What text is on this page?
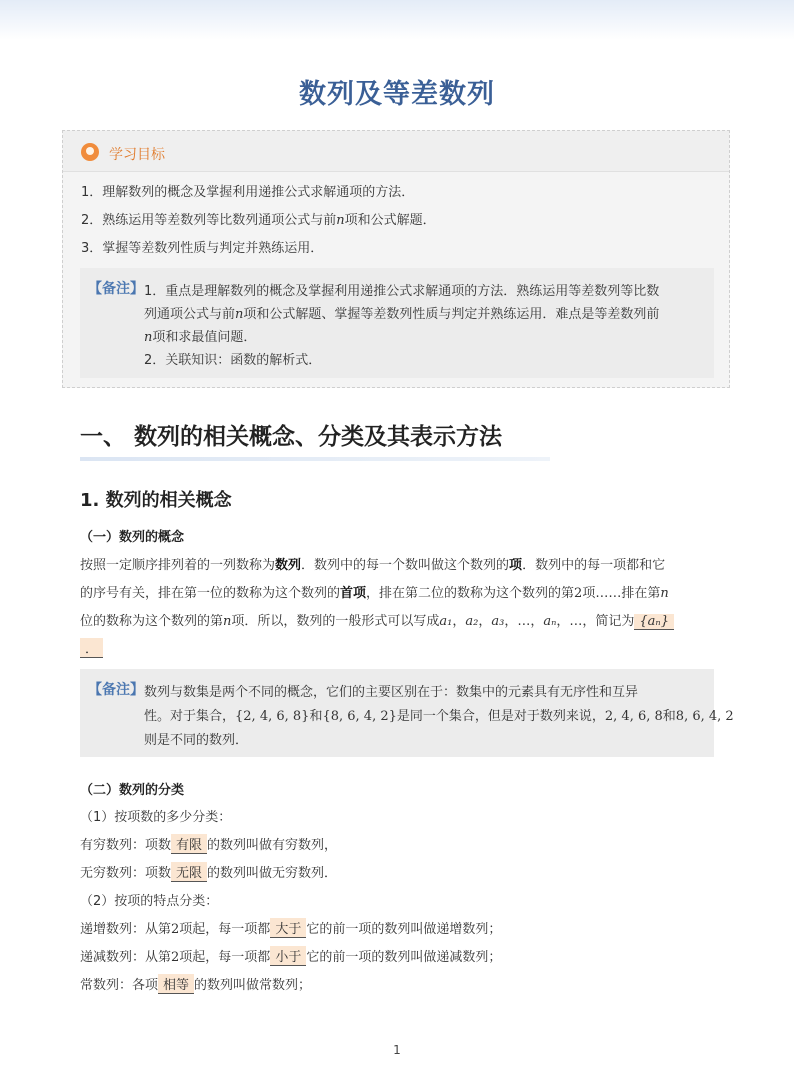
数列及等差数列
学习目标
1．理解数列的概念及掌握利用递推公式求解通项的方法．
2．熟练运用等差数列等比数列通项公式与前n项和公式解题．
3．掌握等差数列性质与判定并熟练运用．
【备注】 1．重点是理解数列的概念及掌握利用递推公式求解通项的方法．熟练运用等差数列等比数
列通项公式与前n项和公式解题、掌握等差数列性质与判定并熟练运用．难点是等差数列前
n项和求最值问题．
2．关联知识：函数的解析式．
一、 数列的相关概念、分类及其表示方法
1. 数列的相关概念
（一）数列的概念
按照一定顺序排列着的一列数称为数列．数列中的每一个数叫做这个数列的项．数列中的每一项都和它
的序号有关，排在第一位的数称为这个数列的首项，排在第二位的数称为这个数列的第2项……排在第n
位的数称为这个数列的第n项．所以，数列的一般形式可以写成a₁，a₂，a₃，…，aₙ，…，简记为 {aₙ}
．
【备注】 数列与数集是两个不同的概念，它们的主要区别在于：数集中的元素具有无序性和互异
性。对于集合，{2, 4, 6, 8}和{8, 6, 4, 2}是同一个集合，但是对于数列来说，2, 4, 6, 8和8, 6, 4, 2
则是不同的数列．
（二）数列的分类
（1）按项数的多少分类：
有穷数列：项数 有限 的数列叫做有穷数列，
无穷数列：项数 无限 的数列叫做无穷数列．
（2）按项的特点分类：
递增数列：从第2项起，每一项都 大于 它的前一项的数列叫做递增数列；
递减数列：从第2项起，每一项都 小于 它的前一项的数列叫做递减数列；
常数列：各项 相等 的数列叫做常数列；
1
